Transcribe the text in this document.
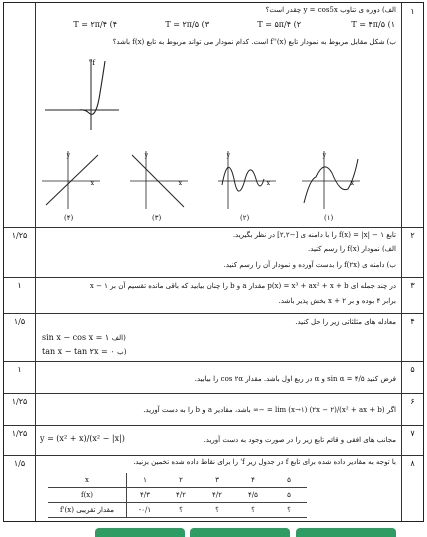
۱
الف) دوره ی تناوب y = cos5x چقدر است؟
T = ۴π/۵ (۱
T = ۵π/۴ (۲
T = ۲π/۵ (۳
T = ۲π/۴ (۴
ب) شکل مقابل مربوط به نمودار تابع f''(x) است. کدام نمودار می تواند مربوط به تابع f(x) باشد؟
f''
x
y
x
y
x
y
x
y
(۴)	(۳)	(۲)	(۱)
۱/۲۵	۲
تابع f(x) = |x| − ۱ را با دامنه ی [−۲,۲] در نظر بگیرید.
الف) نمودار f(x) را رسم کنید.
ب) دامنه ی f(۲x) را بدست آورده و نمودار آن را رسم کنید.
۱	۳
در چند جمله ای p(x) = x³ + ax² + x + b مقدار a و b را چنان بیابید که باقی مانده تقسیم آن بر x − ۱
برابر ۴ بوده و بر x + ۲ بخش پذیر باشد.
۱/۵	۴
معادله های مثلثاتی زیر را حل کنید.
sin x − cos x = ۱ الف)
tan x − tan ۲x = ۰ ب)
۱	۵
فرض کنید sin α = ۴/۵ و α در ربع اول باشد. مقدار cos ۲α را بیابید.
۱/۲۵	۶
اگر lim (x→۱) (۲x − ۲)/(x² + ax + b) = −∞ باشد، مقادیر a و b را به دست آورید.
۱/۲۵	۷
y = (x² + x)/(x² − |x|)	مجانب های افقی و قائم تابع زیر را در صورت وجود به دست آورید.
۱/۵	۸
با توجه به مقادیر داده شده برای تابع f در جدول زیر f' را برای نقاط داده شده تخمین بزنید.
x	۱	۲	۳	۴	۵
f(x)	۴/۳	۴/۲	۴/۲	۴/۵	۵
f'(x) مقدار تقریبی	-۰/۱	؟	؟	؟	؟
